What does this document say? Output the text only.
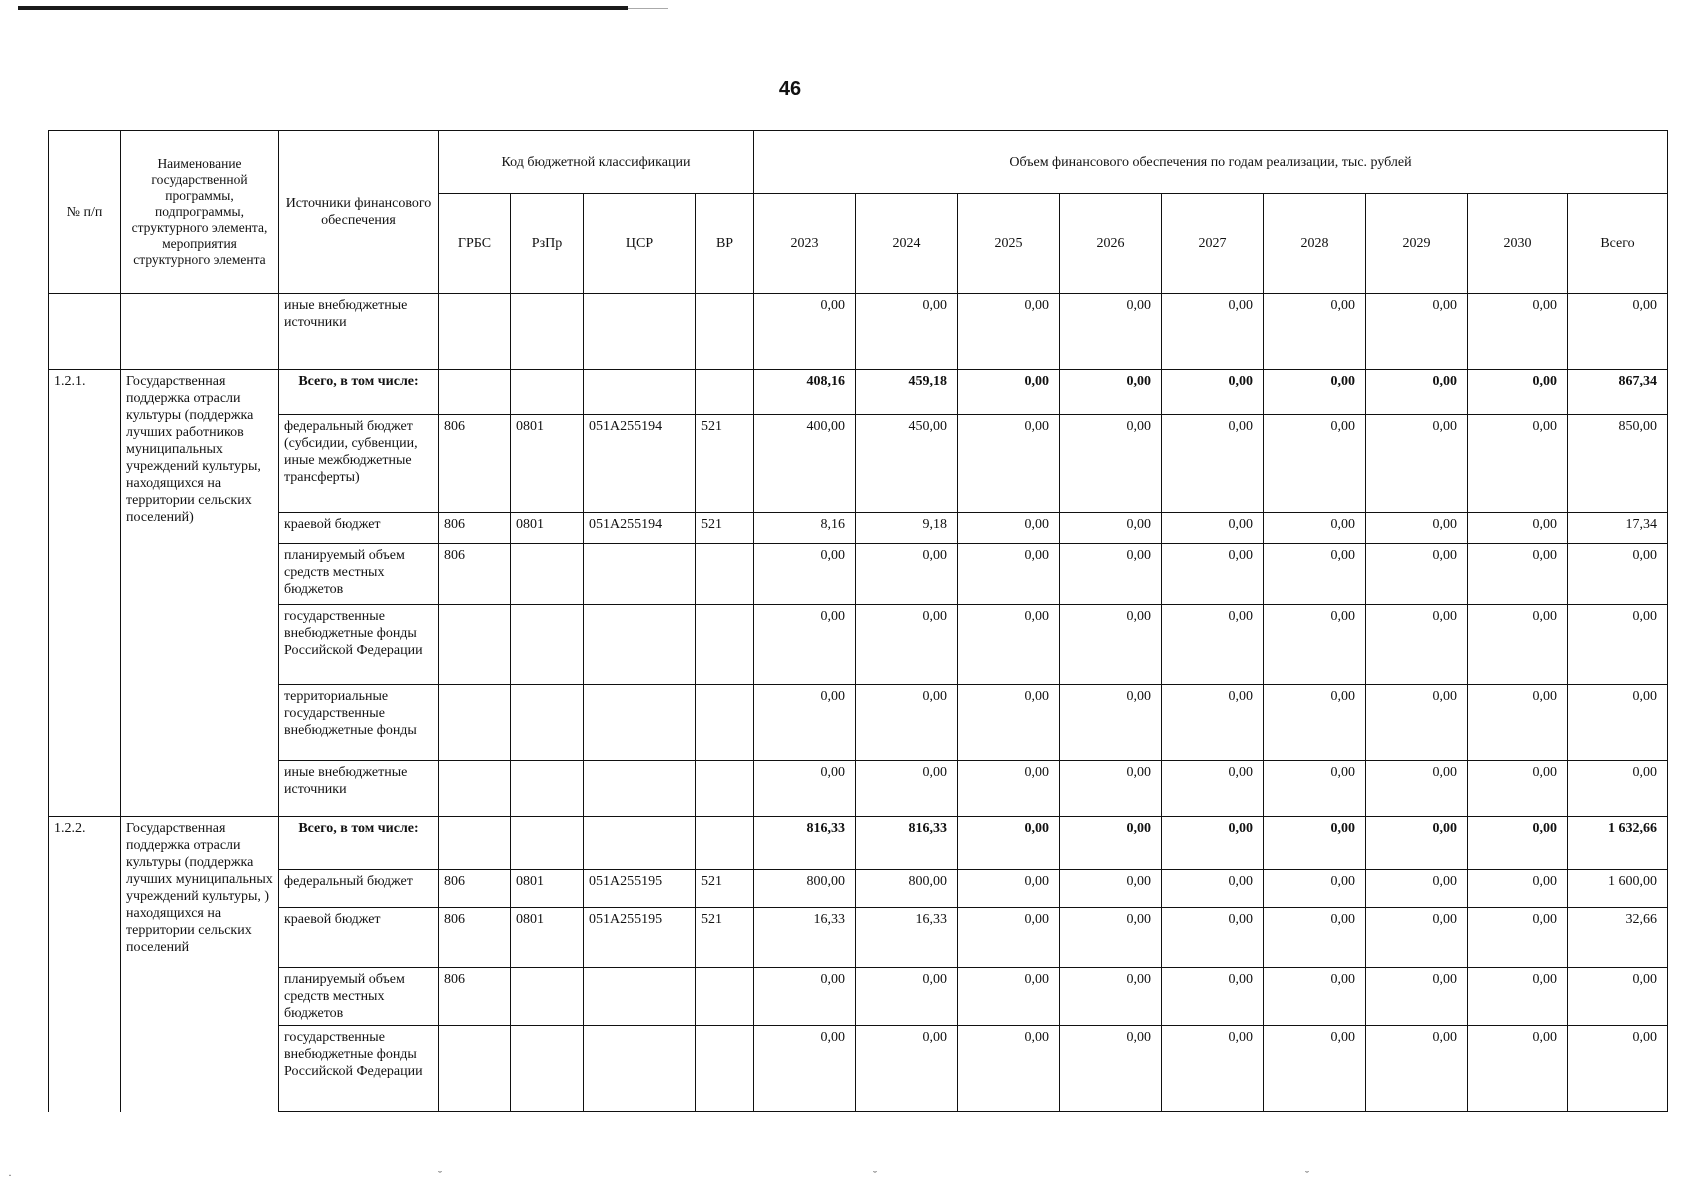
46
№ п/п	Наименование государственной программы, подпрограммы, структурного элемента, мероприятия структурного элемента	Источники финансового обеспечения	Код бюджетной классификации				Объем финансового обеспечения по годам реализации, тыс. рублей								
			ГРБС	РзПр	ЦСР	ВР	2023	2024	2025	2026	2027	2028	2029	2030	Всего
		иные внебюджетные источники					0,00	0,00	0,00	0,00	0,00	0,00	0,00	0,00	0,00
1.2.1.	Государственная поддержка отрасли культуры (поддержка лучших работников муниципальных учреждений культуры, находящихся на территории сельских поселений)	Всего, в том числе:					408,16	459,18	0,00	0,00	0,00	0,00	0,00	0,00	867,34
		федеральный бюджет (субсидии, субвенции, иные межбюджетные трансферты)	806	0801	051A255194	521	400,00	450,00	0,00	0,00	0,00	0,00	0,00	0,00	850,00
		краевой бюджет	806	0801	051A255194	521	8,16	9,18	0,00	0,00	0,00	0,00	0,00	0,00	17,34
		планируемый объем средств местных бюджетов	806				0,00	0,00	0,00	0,00	0,00	0,00	0,00	0,00	0,00
		государственные внебюджетные фонды Российской Федерации					0,00	0,00	0,00	0,00	0,00	0,00	0,00	0,00	0,00
		территориальные государственные внебюджетные фонды					0,00	0,00	0,00	0,00	0,00	0,00	0,00	0,00	0,00
		иные внебюджетные источники					0,00	0,00	0,00	0,00	0,00	0,00	0,00	0,00	0,00
1.2.2.	Государственная поддержка отрасли культуры (поддержка лучших муниципальных учреждений культуры, ) находящихся на территории сельских поселений	Всего, в том числе:					816,33	816,33	0,00	0,00	0,00	0,00	0,00	0,00	1 632,66
		федеральный бюджет	806	0801	051A255195	521	800,00	800,00	0,00	0,00	0,00	0,00	0,00	0,00	1 600,00
		краевой бюджет	806	0801	051A255195	521	16,33	16,33	0,00	0,00	0,00	0,00	0,00	0,00	32,66
		планируемый объем средств местных бюджетов	806				0,00	0,00	0,00	0,00	0,00	0,00	0,00	0,00	0,00
		государственные внебюджетные фонды Российской Федерации					0,00	0,00	0,00	0,00	0,00	0,00	0,00	0,00	0,00
·	˘	˘	˘
